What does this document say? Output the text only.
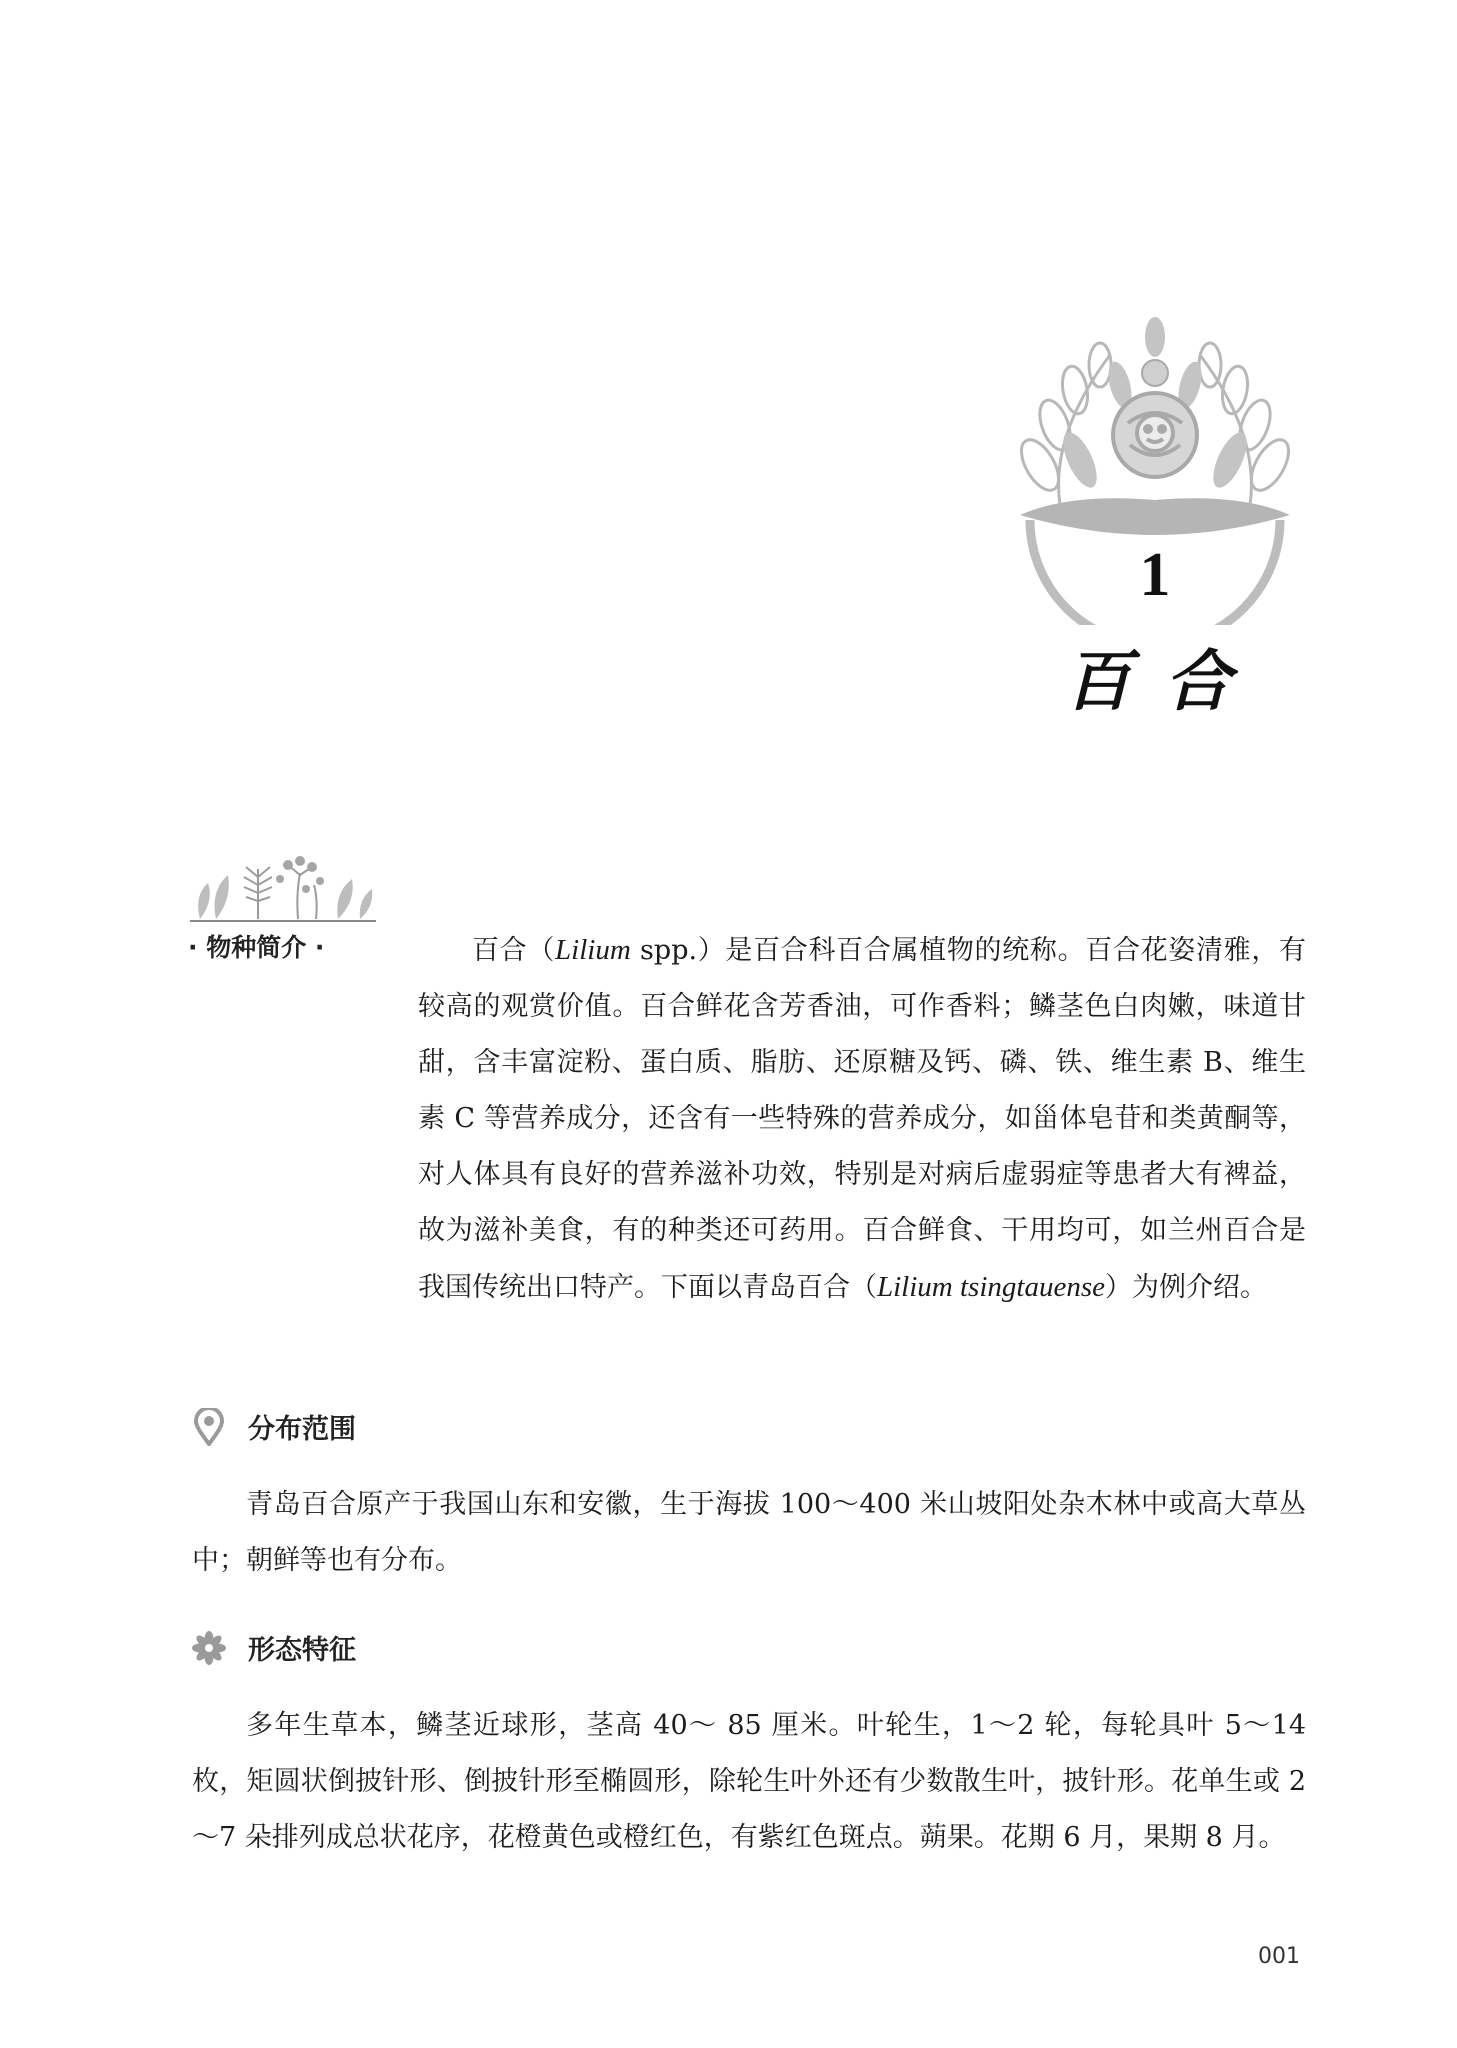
1
百合
· 物种简介 ·	百合（Lilium spp.）是百合科百合属植物的统称。百合花姿清雅，有较高的观赏价值。百合鲜花含芳香油，可作香料；鳞茎色白肉嫩，味道甘甜，含丰富淀粉、蛋白质、脂肪、还原糖及钙、磷、铁、维生素 B、维生素 C 等营养成分，还含有一些特殊的营养成分，如甾体皂苷和类黄酮等，对人体具有良好的营养滋补功效，特别是对病后虚弱症等患者大有裨益，故为滋补美食，有的种类还可药用。百合鲜食、干用均可，如兰州百合是我国传统出口特产。下面以青岛百合（Lilium tsingtauense）为例介绍。

分布范围

青岛百合原产于我国山东和安徽，生于海拔 100～400 米山坡阳处杂木林中或高大草丛中；朝鲜等也有分布。

形态特征

多年生草本，鳞茎近球形，茎高 40～ 85 厘米。叶轮生，1～2 轮，每轮具叶 5～14 枚，矩圆状倒披针形、倒披针形至椭圆形，除轮生叶外还有少数散生叶，披针形。花单生或 2～7 朵排列成总状花序，花橙黄色或橙红色，有紫红色斑点。蒴果。花期 6 月，果期 8 月。

001
